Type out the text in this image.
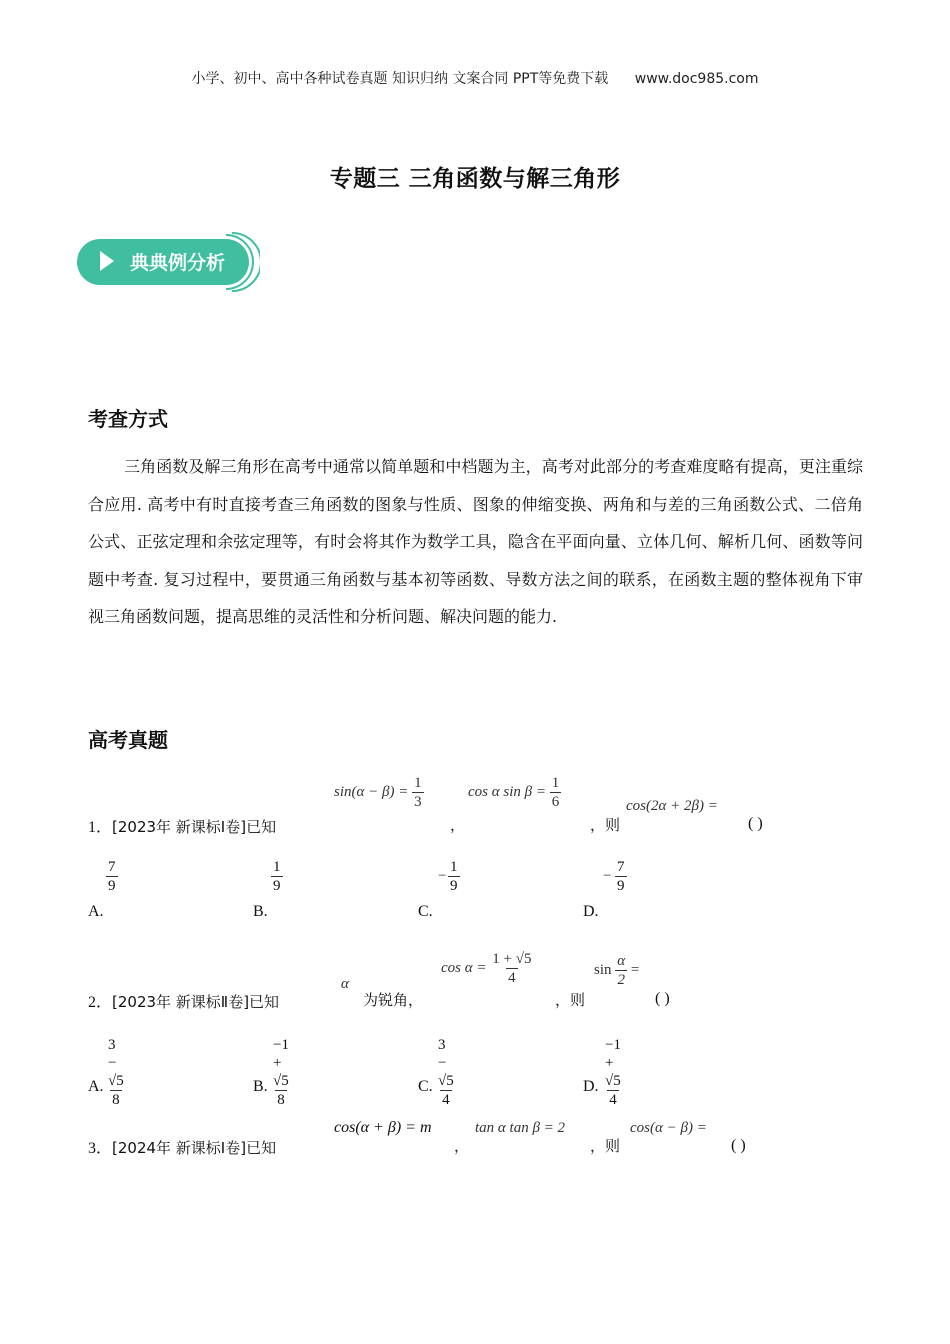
小学、初中、高中各种试卷真题 知识归纳 文案合同 PPT等免费下载 www.doc985.com
专题三 三角函数与解三角形
典典例分析
考查方式
三角函数及解三角形在高考中通常以简单题和中档题为主，高考对此部分的考查难度略有提高，更注重综合应用. 高考中有时直接考查三角函数的图象与性质、图象的伸缩变换、两角和与差的三角函数公式、二倍角公式、正弦定理和余弦定理等，有时会将其作为数学工具，隐含在平面向量、立体几何、解析几何、函数等问题中考查. 复习过程中，要贯通三角函数与基本初等函数、导数方法之间的联系，在函数主题的整体视角下审视三角函数问题，提高思维的灵活性和分析问题、解决问题的能力.
高考真题
1．[2023年 新课标Ⅰ卷]已知
$\sin(\alpha - \beta) = \frac{1}{3}$
，
cos α $\sin \beta = \frac{1}{6}$
，则
cos(2α + 2β) =
( )
$\frac{7}{9}$
A.
$\frac{1}{9}$
B.
− $\frac{1}{9}$
C.
− $\frac{7}{9}$
D.
2．[2023年 新课标Ⅱ卷]已知
α
为锐角，
$\cos \alpha = \frac{1 + √5}{4}$
，则
$\sin \frac{\alpha}{2}$ =
( )
$\frac{3 - √5}{8}$
A.	$\frac{-1 + √5}{8}$
B.	$\frac{3 - √5}{4}$
C.	$\frac{-1 + √5}{4}$
D.
3．[2024年 新课标Ⅰ卷]已知
cos(α + β) = m
，
tan α tan β = 2
，则
cos(α − β) =
( )
